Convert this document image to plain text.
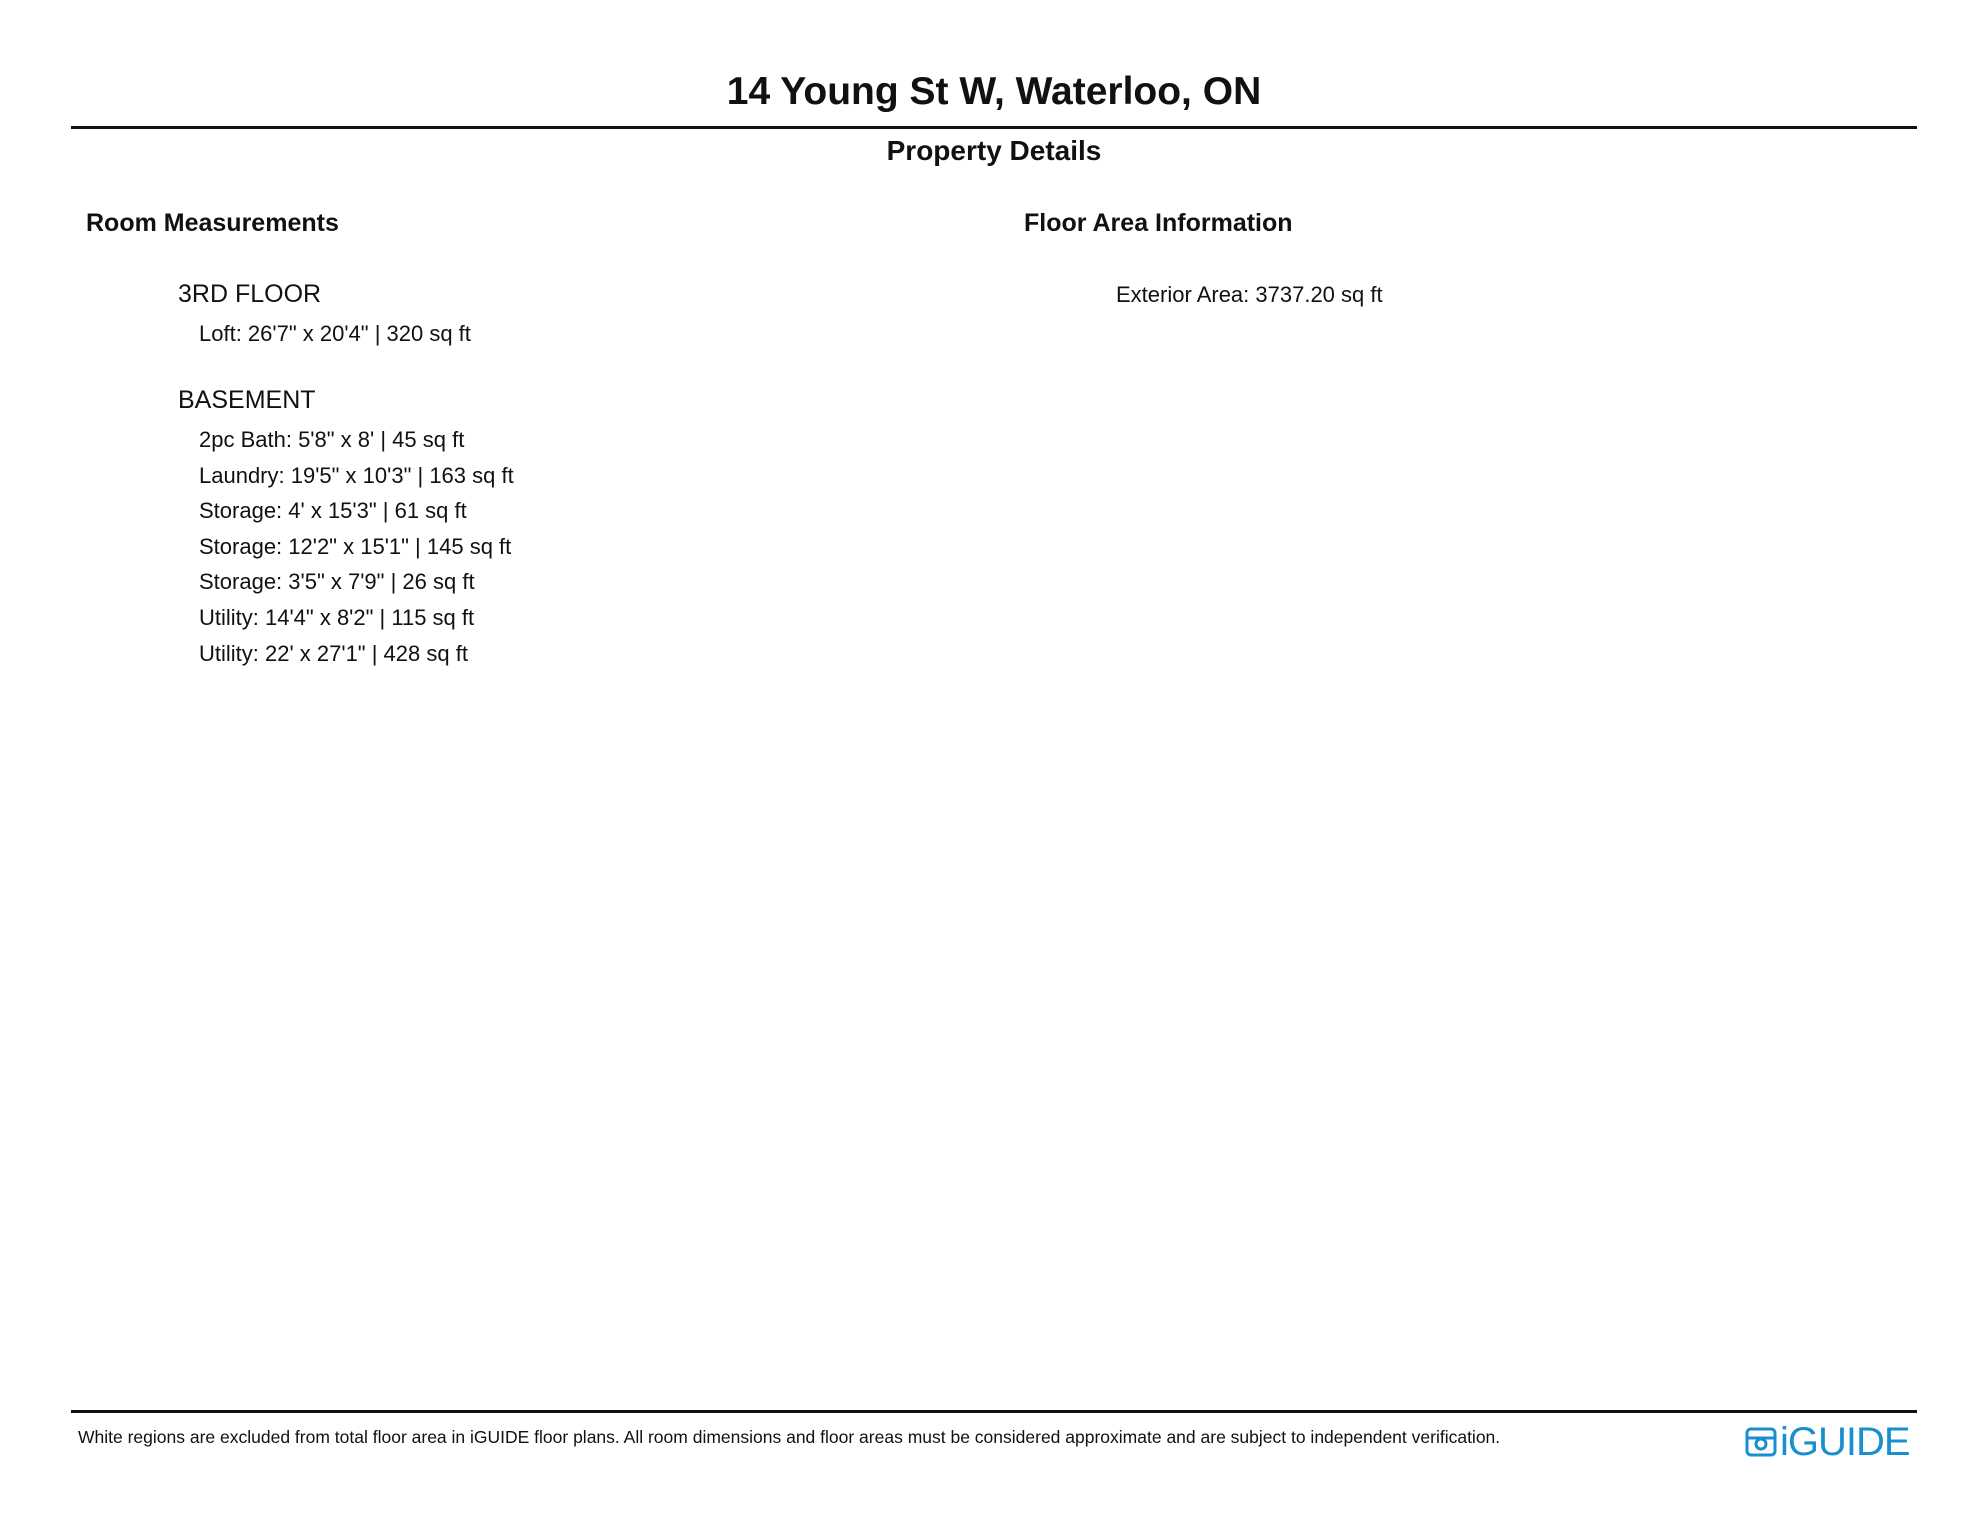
14 Young St W, Waterloo, ON
Property Details
Room Measurements	Floor Area Information
3RD FLOOR
Loft: 26'7" x 20'4" | 320 sq ft
BASEMENT
2pc Bath: 5'8" x 8' | 45 sq ft
Laundry: 19'5" x 10'3" | 163 sq ft
Storage: 4' x 15'3" | 61 sq ft
Storage: 12'2" x 15'1" | 145 sq ft
Storage: 3'5" x 7'9" | 26 sq ft
Utility: 14'4" x 8'2" | 115 sq ft
Utility: 22' x 27'1" | 428 sq ft
Exterior Area: 3737.20 sq ft
White regions are excluded from total floor area in iGUIDE floor plans. All room dimensions and floor areas must be considered approximate and are subject to independent verification.	iGUIDE
